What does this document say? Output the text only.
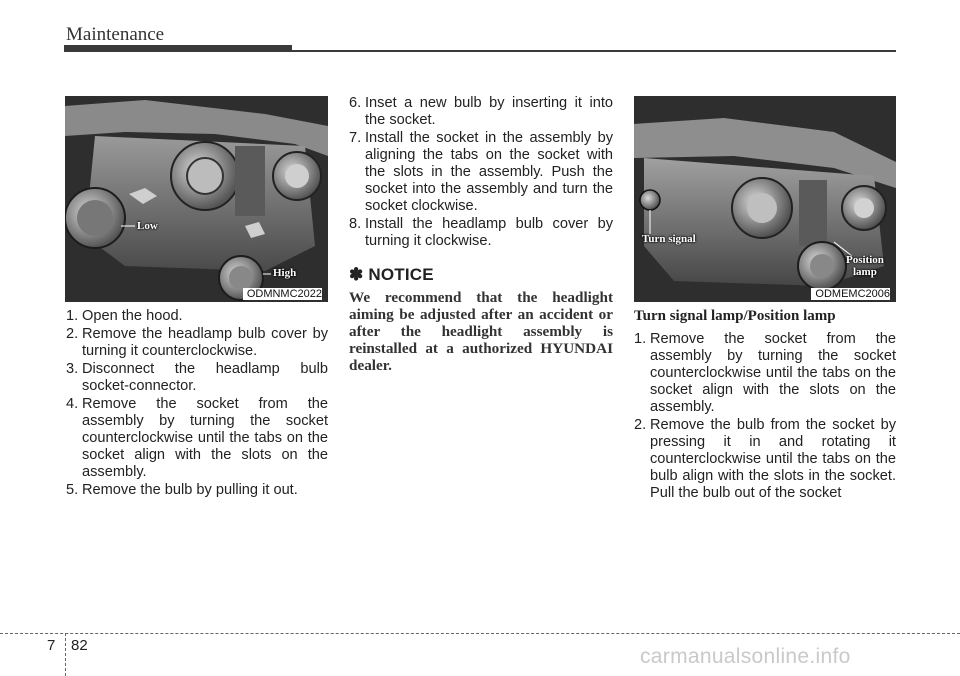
Maintenance
Low
High
ODMNMC2022
1. Open the hood.
2. Remove the headlamp bulb cover by turning it counterclockwise.
3. Disconnect the headlamp bulb socket-connector.
4. Remove the socket from the assembly by turning the socket counterclockwise until the tabs on the socket align with the slots on the assembly.
5. Remove the bulb by pulling it out.
6. Inset a new bulb by inserting it into the socket.
7. Install the socket in the assembly by aligning the tabs on the socket with the slots in the assembly. Push the socket into the assembly and turn the socket clockwise.
8. Install the headlamp bulb cover by turning it clockwise.
✽ NOTICE
We recommend that the headlight aiming be adjusted after an accident or after the headlight assembly is reinstalled at a authorized HYUNDAI dealer.
Turn signal
Position
lamp
ODMEMC2006
Turn signal lamp/Position lamp
1. Remove the socket from the assembly by turning the socket counterclockwise until the tabs on the socket align with the slots on the assembly.
2. Remove the bulb from the socket by pressing it in and rotating it counterclockwise until the tabs on the bulb align with the slots in the socket. Pull the bulb out of the socket
7 82	carmanualsonline.info
